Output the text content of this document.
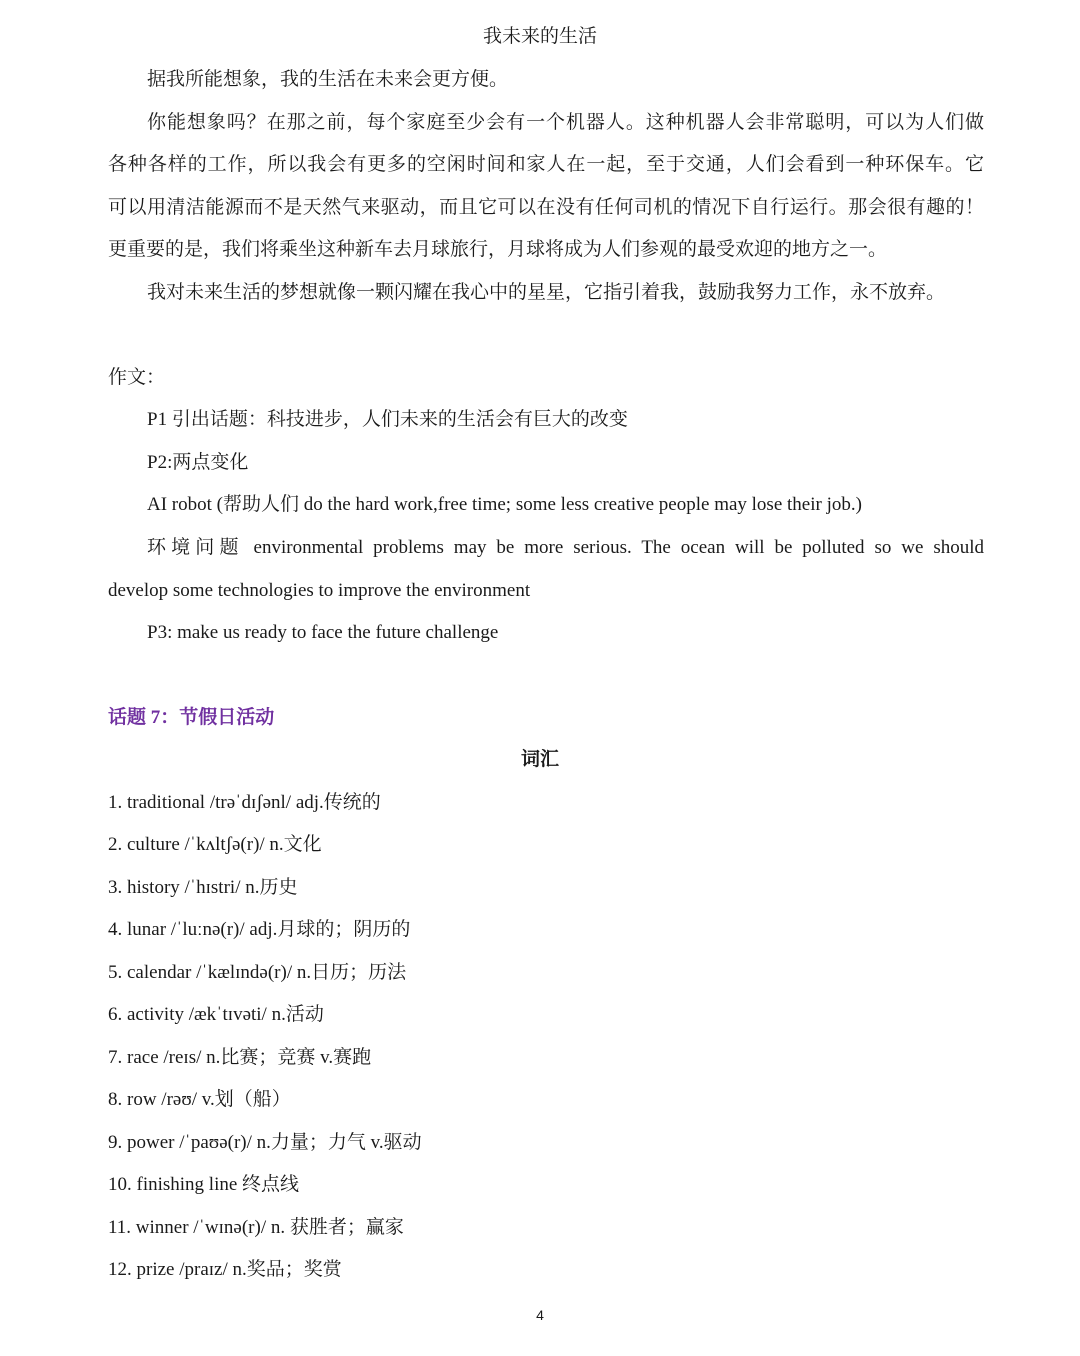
我未来的生活
据我所能想象，我的生活在未来会更方便。
你能想象吗？在那之前，每个家庭至少会有一个机器人。这种机器人会非常聪明，可以为人们做
各种各样的工作，所以我会有更多的空闲时间和家人在一起，至于交通，人们会看到一种环保车。它
可以用清洁能源而不是天然气来驱动，而且它可以在没有任何司机的情况下自行运行。那会很有趣的！
更重要的是，我们将乘坐这种新车去月球旅行，月球将成为人们参观的最受欢迎的地方之一。
我对未来生活的梦想就像一颗闪耀在我心中的星星，它指引着我，鼓励我努力工作，永不放弃。
作文：
P1 引出话题：科技进步，人们未来的生活会有巨大的改变
P2:两点变化
AI robot (帮助人们 do the hard work,free time; some less creative people may lose their job.)
环境问题 environmental problems may be more serious. The ocean will be polluted so we should
develop some technologies to improve the environment
P3: make us ready to face the future challenge
话题 7：节假日活动
词汇
1. traditional /trəˈdɪʃənl/ adj.传统的
2. culture /ˈkʌltʃə(r)/ n.文化
3. history /ˈhɪstri/ n.历史
4. lunar /ˈluːnə(r)/ adj.月球的；阴历的
5. calendar /ˈkælɪndə(r)/ n.日历；历法
6. activity /ækˈtɪvəti/ n.活动
7. race /reɪs/ n.比赛；竞赛 v.赛跑
8. row /rəʊ/ v.划（船）
9. power /ˈpaʊə(r)/ n.力量；力气 v.驱动
10. finishing line 终点线
11. winner /ˈwɪnə(r)/ n. 获胜者；赢家
12. prize /praɪz/ n.奖品；奖赏
4
